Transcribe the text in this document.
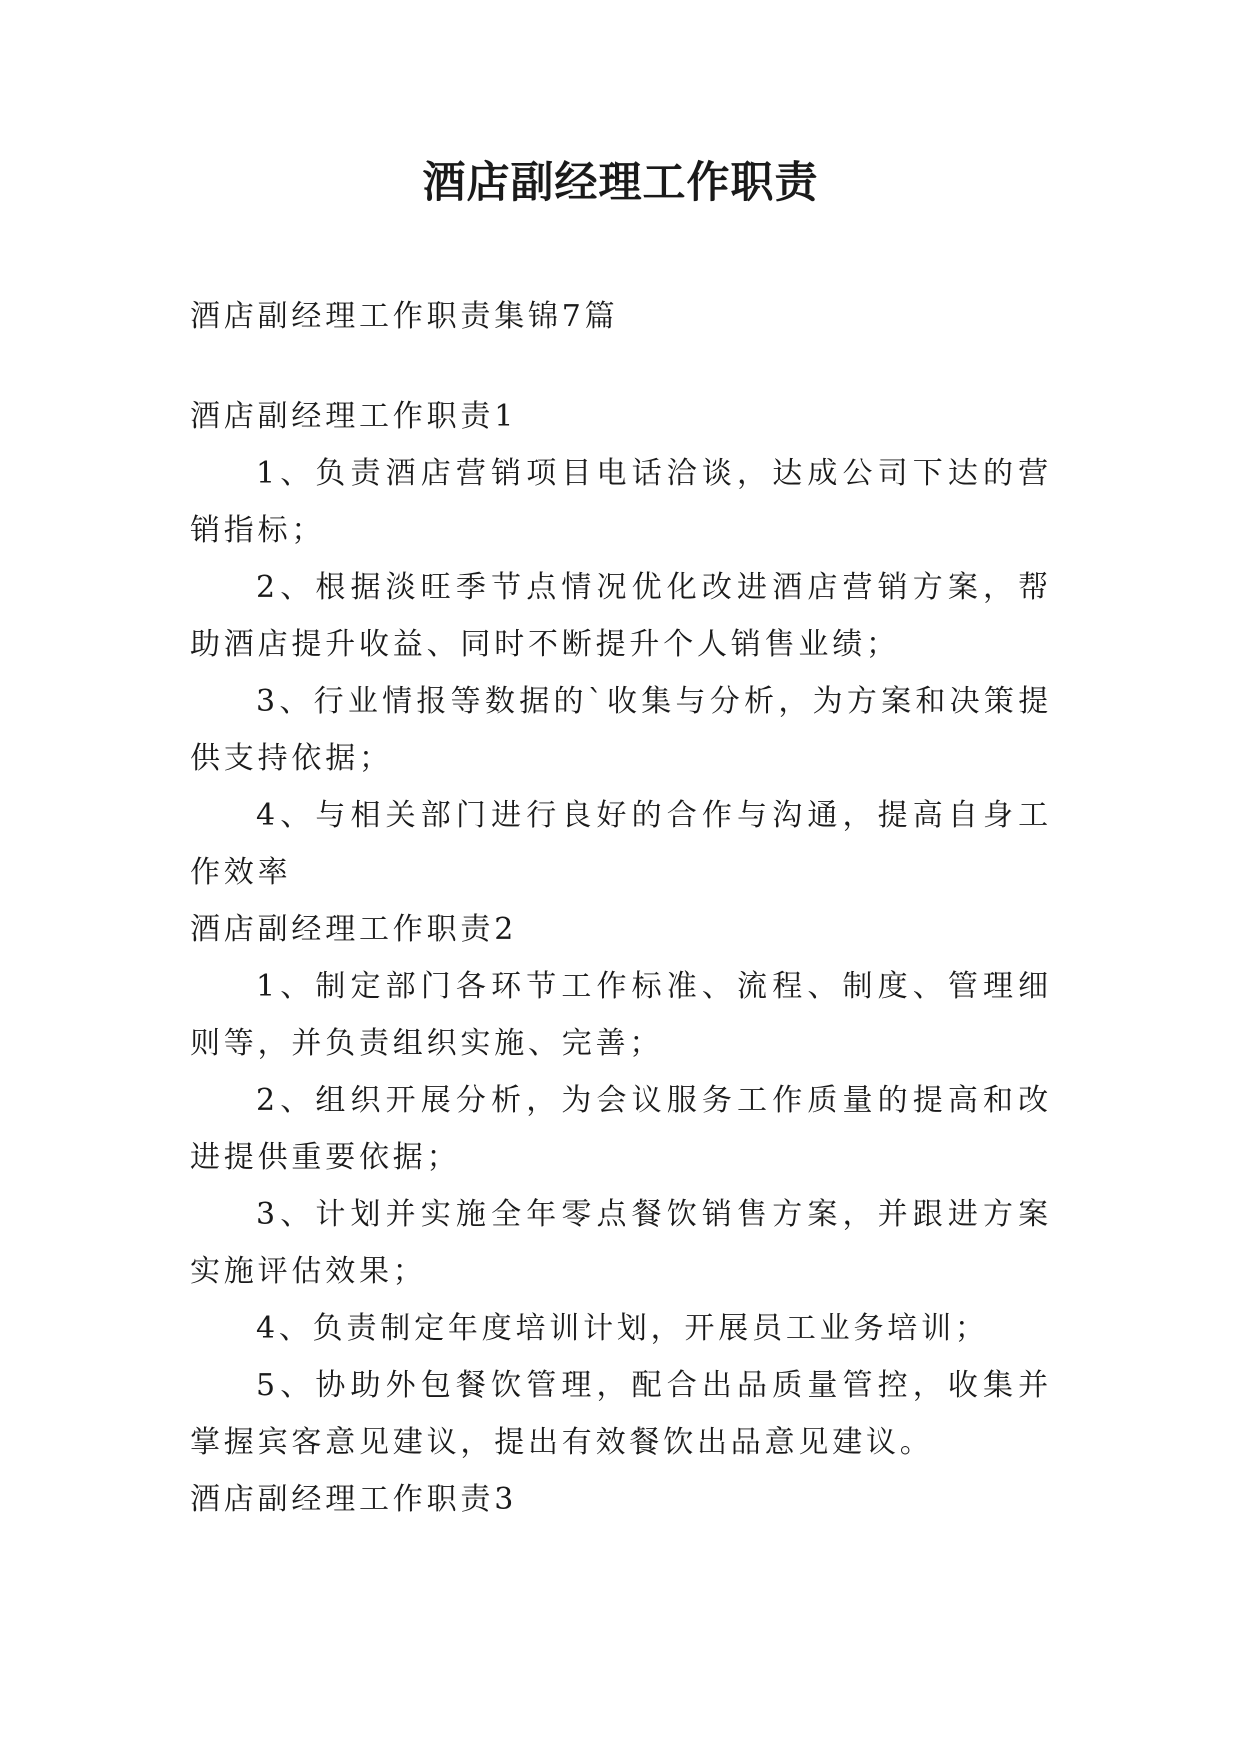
酒店副经理工作职责

酒店副经理工作职责集锦7篇

酒店副经理工作职责1

1、负责酒店营销项目电话洽谈，达成公司下达的营销指标；

2、根据淡旺季节点情况优化改进酒店营销方案，帮助酒店提升收益、同时不断提升个人销售业绩；

3、行业情报等数据的`收集与分析，为方案和决策提供支持依据；

4、与相关部门进行良好的合作与沟通，提高自身工作效率

酒店副经理工作职责2

1、制定部门各环节工作标准、流程、制度、管理细则等，并负责组织实施、完善；

2、组织开展分析，为会议服务工作质量的提高和改进提供重要依据；

3、计划并实施全年零点餐饮销售方案，并跟进方案实施评估效果；

4、负责制定年度培训计划，开展员工业务培训；

5、协助外包餐饮管理，配合出品质量管控，收集并掌握宾客意见建议，提出有效餐饮出品意见建议。

酒店副经理工作职责3
